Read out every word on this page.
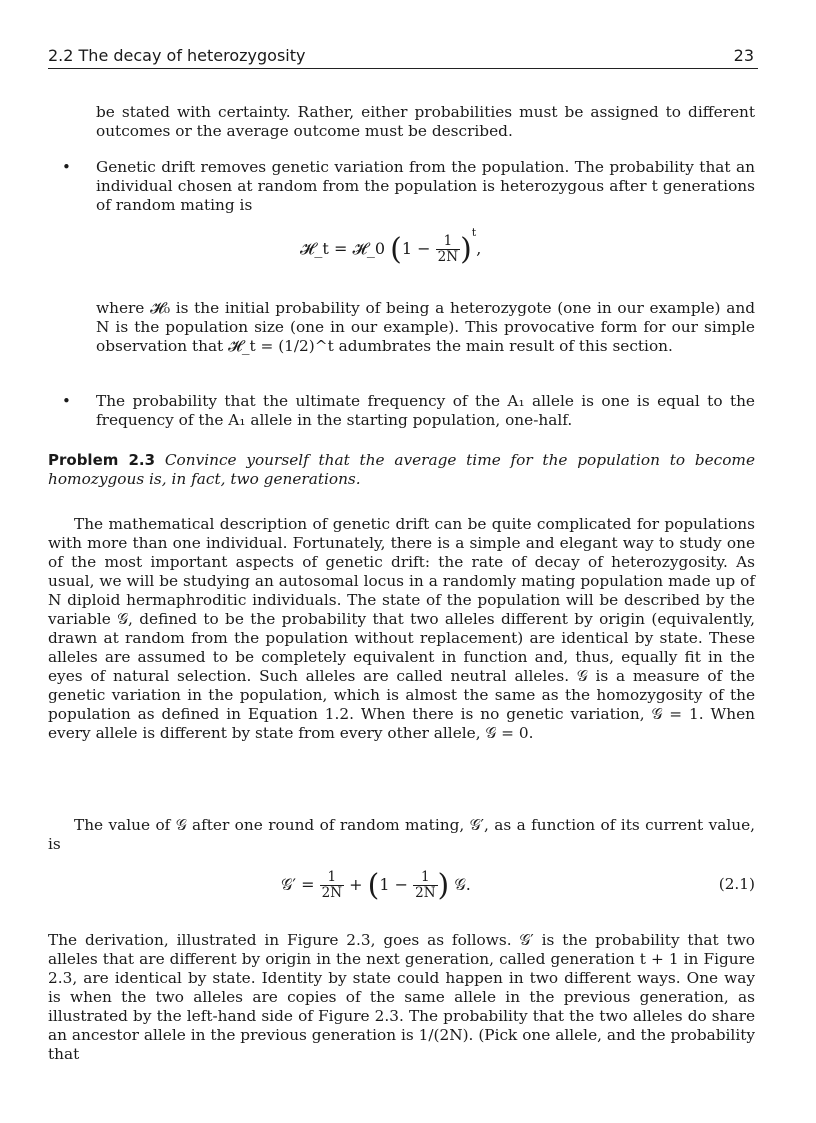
2.2 The decay of heterozygosity	23
be stated with certainty. Rather, either probabilities must be assigned to different outcomes or the average outcome must be described.
• Genetic drift removes genetic variation from the population. The probability that an individual chosen at random from the population is heterozygous after t generations of random mating is
𝓗_t = 𝓗_0 $(1 - \frac{1}{2N} )^t$,
where 𝓗₀ is the initial probability of being a heterozygote (one in our example) and N is the population size (one in our example). This provocative form for our simple observation that 𝓗_t = (1/2)^t adumbrates the main result of this section.
• The probability that the ultimate frequency of the A₁ allele is one is equal to the frequency of the A₁ allele in the starting population, one-half.
Problem 2.3 Convince yourself that the average time for the population to become homozygous is, in fact, two generations.
The mathematical description of genetic drift can be quite complicated for populations with more than one individual. Fortunately, there is a simple and elegant way to study one of the most important aspects of genetic drift: the rate of decay of heterozygosity. As usual, we will be studying an autosomal locus in a randomly mating population made up of N diploid hermaphroditic individuals. The state of the population will be described by the variable 𝒢, defined to be the probability that two alleles different by origin (equivalently, drawn at random from the population without replacement) are identical by state. These alleles are assumed to be completely equivalent in function and, thus, equally fit in the eyes of natural selection. Such alleles are called neutral alleles. 𝒢 is a measure of the genetic variation in the population, which is almost the same as the homozygosity of the population as defined in Equation 1.2. When there is no genetic variation, 𝒢 = 1. When every allele is different by state from every other allele, 𝒢 = 0.
The value of 𝒢 after one round of random mating, 𝒢′, as a function of its current value, is
𝒢′ = $\frac{1}{2N} + (1 - \frac{1}{2N}$ ) 𝒢.	(2.1)
The derivation, illustrated in Figure 2.3, goes as follows. 𝒢′ is the probability that two alleles that are different by origin in the next generation, called generation t + 1 in Figure 2.3, are identical by state. Identity by state could happen in two different ways. One way is when the two alleles are copies of the same allele in the previous generation, as illustrated by the left-hand side of Figure 2.3. The probability that the two alleles do share an ancestor allele in the previous generation is 1/(2N). (Pick one allele, and the probability that
